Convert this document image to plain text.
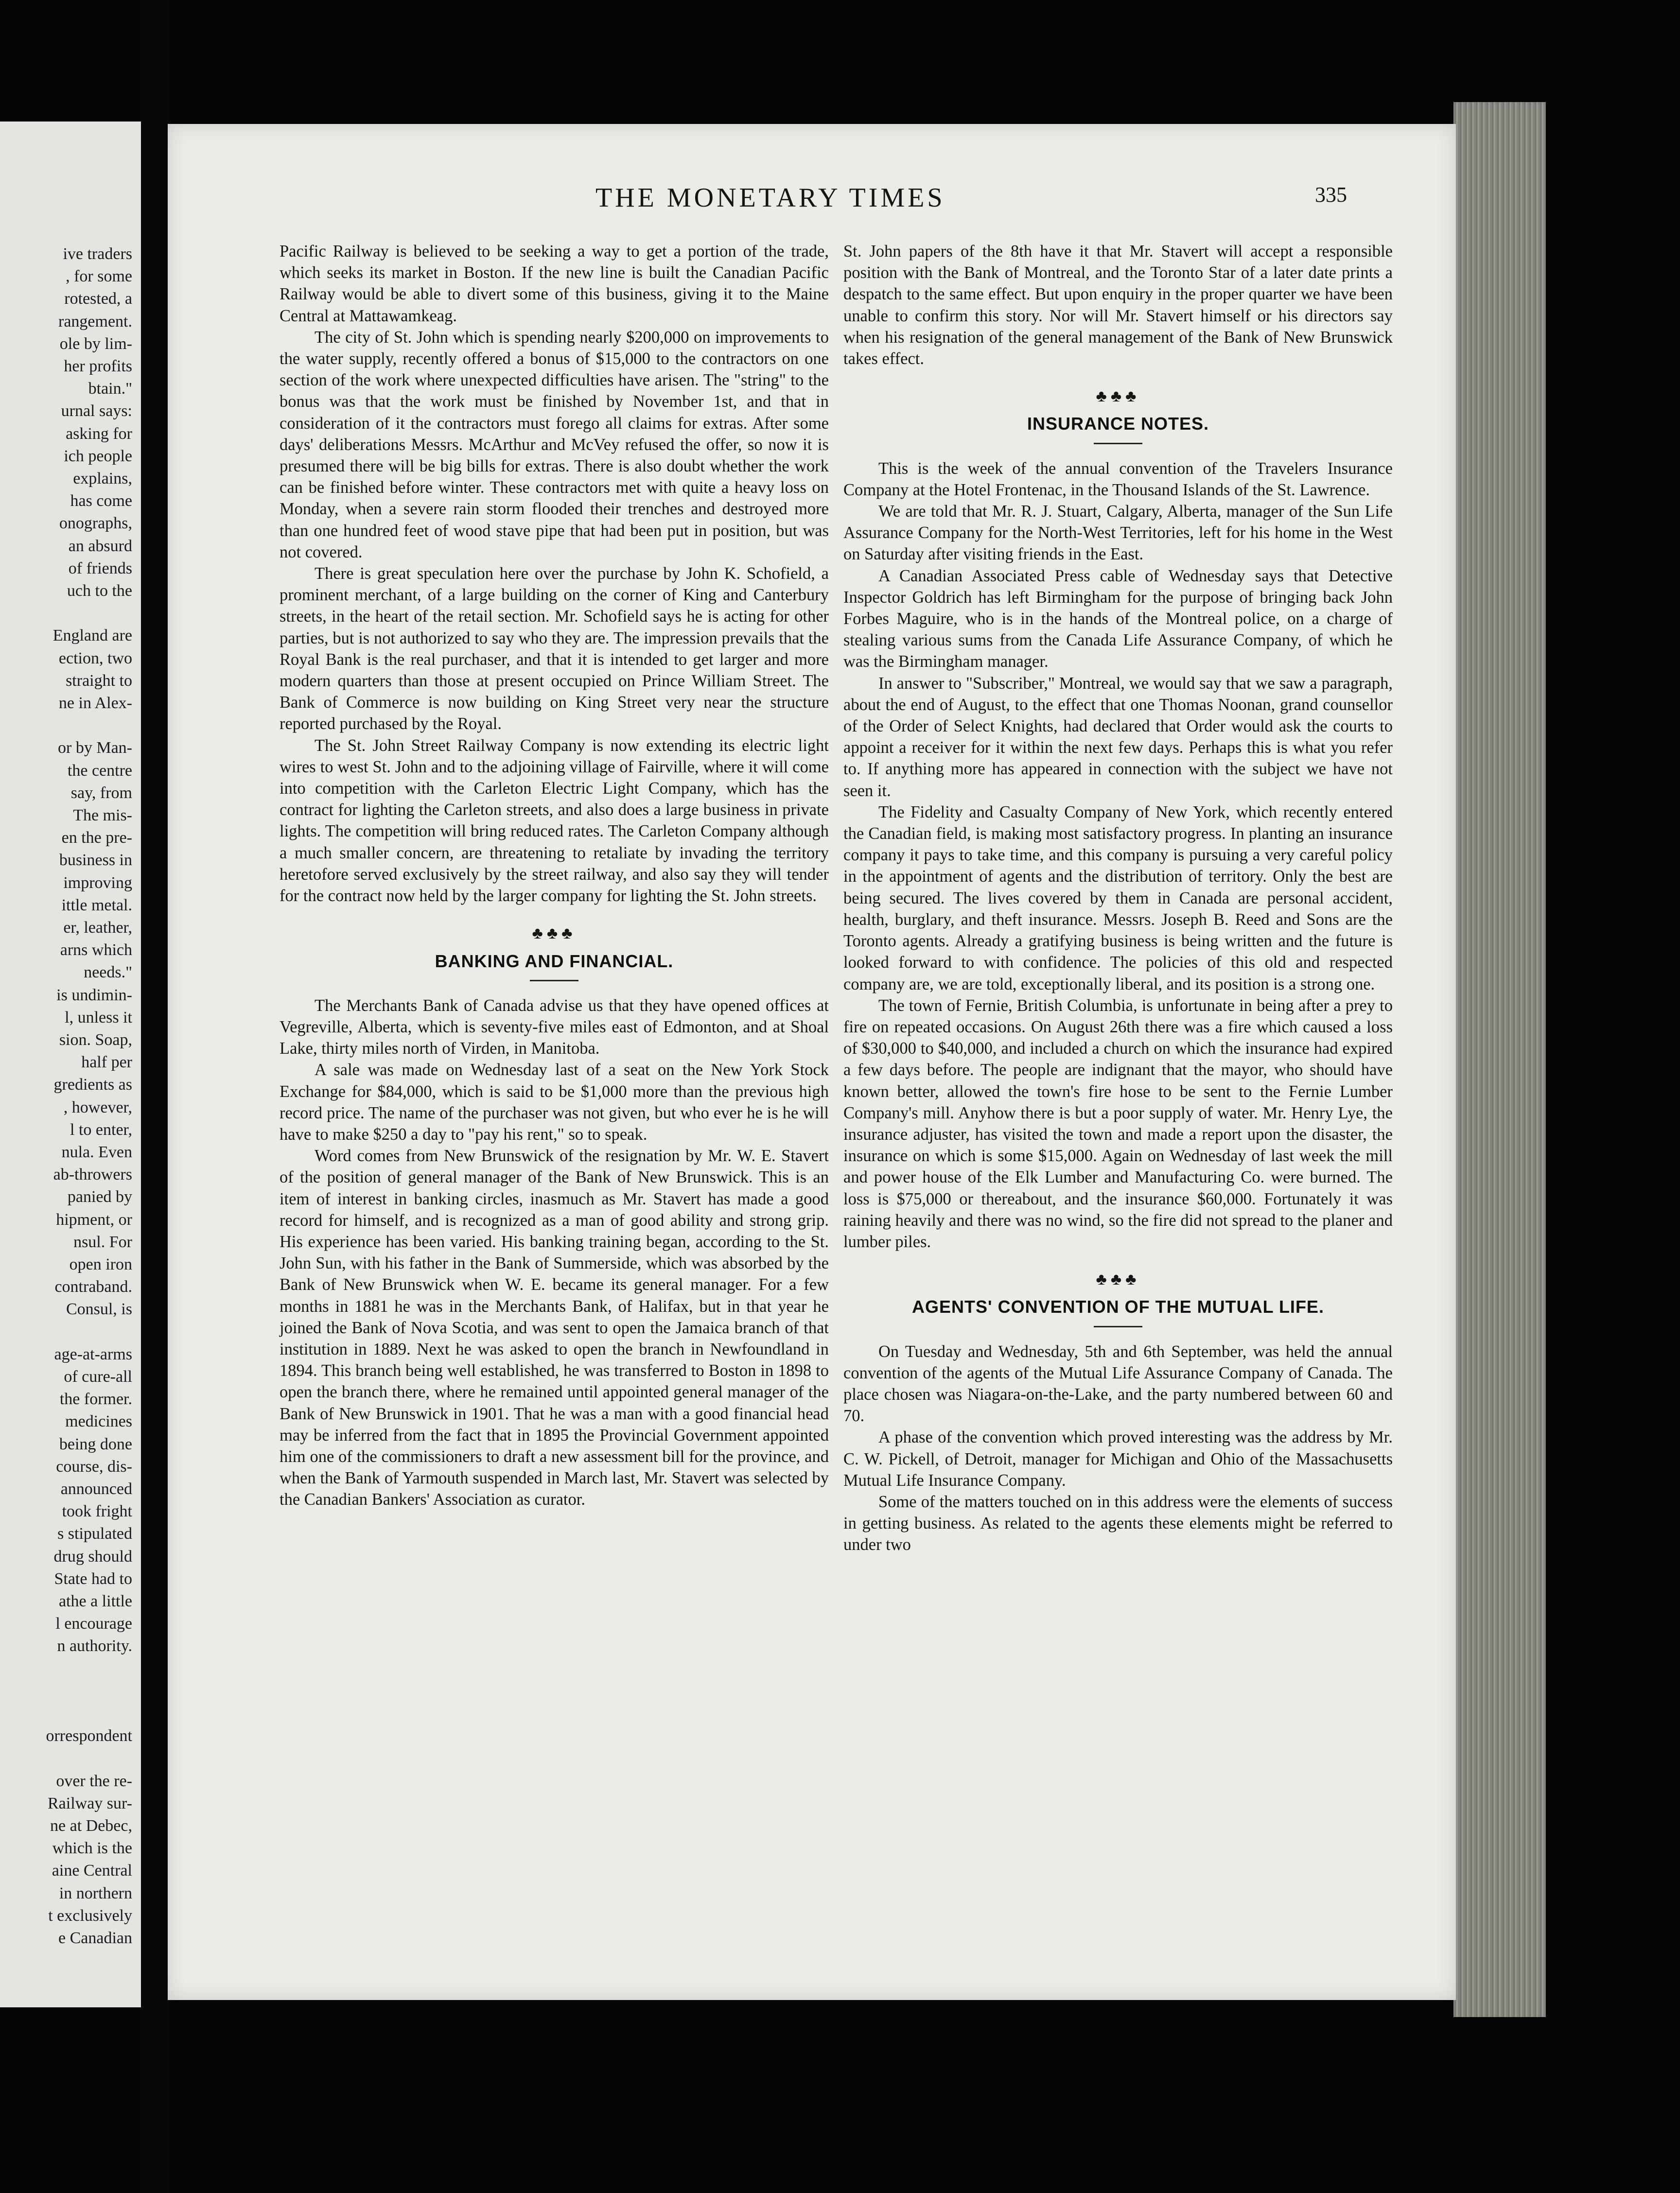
ive traders
, for some
rotested, a
rangement.
ole by lim-
her profits
btain."
urnal says:
asking for
ich people
explains,
has come
onographs,
an absurd
of friends
uch to the
England are
ection, two
straight to
ne in Alex-
or by Man-
the centre
say, from
The mis-
en the pre-
business in
improving
ittle metal.
er, leather,
arns which
needs."
is undimin-
l, unless it
sion. Soap,
half per
gredients as
, however,
l to enter,
nula. Even
ab-throwers
panied by
hipment, or
nsul. For
open iron
contraband.
Consul, is
age-at-arms
of cure-all
the former.
medicines
being done
course, dis-
announced
took fright
s stipulated
drug should
State had to
athe a little
l encourage
n authority.
orrespondent
over the re-
Railway sur-
ne at Debec,
which is the
aine Central
in northern
t exclusively
e Canadian
THE MONETARY TIMES	335

Pacific Railway is believed to be seeking a way to get a portion of the trade, which seeks its market in Boston. If the new line is built the Canadian Pacific Railway would be able to divert some of this business, giving it to the Maine Central at Mattawamkeag.

The city of St. John which is spending nearly $200,000 on improvements to the water supply, recently offered a bonus of $15,000 to the contractors on one section of the work where unexpected difficulties have arisen. The "string" to the bonus was that the work must be finished by November 1st, and that in consideration of it the contractors must forego all claims for extras. After some days' deliberations Messrs. McArthur and McVey refused the offer, so now it is presumed there will be big bills for extras. There is also doubt whether the work can be finished before winter. These contractors met with quite a heavy loss on Monday, when a severe rain storm flooded their trenches and destroyed more than one hundred feet of wood stave pipe that had been put in position, but was not covered.

There is great speculation here over the purchase by John K. Schofield, a prominent merchant, of a large building on the corner of King and Canterbury streets, in the heart of the retail section. Mr. Schofield says he is acting for other parties, but is not authorized to say who they are. The impression prevails that the Royal Bank is the real purchaser, and that it is intended to get larger and more modern quarters than those at present occupied on Prince William Street. The Bank of Commerce is now building on King Street very near the structure reported purchased by the Royal.

The St. John Street Railway Company is now extending its electric light wires to west St. John and to the adjoining village of Fairville, where it will come into competition with the Carleton Electric Light Company, which has the contract for lighting the Carleton streets, and also does a large business in private lights. The competition will bring reduced rates. The Carleton Company although a much smaller concern, are threatening to retaliate by invading the territory heretofore served exclusively by the street railway, and also say they will tender for the contract now held by the larger company for lighting the St. John streets.

♣♣♣
BANKING AND FINANCIAL.

The Merchants Bank of Canada advise us that they have opened offices at Vegreville, Alberta, which is seventy-five miles east of Edmonton, and at Shoal Lake, thirty miles north of Virden, in Manitoba.

A sale was made on Wednesday last of a seat on the New York Stock Exchange for $84,000, which is said to be $1,000 more than the previous high record price. The name of the purchaser was not given, but who ever he is he will have to make $250 a day to "pay his rent," so to speak.

Word comes from New Brunswick of the resignation by Mr. W. E. Stavert of the position of general manager of the Bank of New Brunswick. This is an item of interest in banking circles, inasmuch as Mr. Stavert has made a good record for himself, and is recognized as a man of good ability and strong grip. His experience has been varied. His banking training began, according to the St. John Sun, with his father in the Bank of Summerside, which was absorbed by the Bank of New Brunswick when W. E. became its general manager. For a few months in 1881 he was in the Merchants Bank, of Halifax, but in that year he joined the Bank of Nova Scotia, and was sent to open the Jamaica branch of that institution in 1889. Next he was asked to open the branch in Newfoundland in 1894. This branch being well established, he was transferred to Boston in 1898 to open the branch there, where he remained until appointed general manager of the Bank of New Brunswick in 1901. That he was a man with a good financial head may be inferred from the fact that in 1895 the Provincial Government appointed him one of the commissioners to draft a new assessment bill for the province, and when the Bank of Yarmouth suspended in March last, Mr. Stavert was selected by the Canadian Bankers' Association as curator.

St. John papers of the 8th have it that Mr. Stavert will accept a responsible position with the Bank of Montreal, and the Toronto Star of a later date prints a despatch to the same effect. But upon enquiry in the proper quarter we have been unable to confirm this story. Nor will Mr. Stavert himself or his directors say when his resignation of the general management of the Bank of New Brunswick takes effect.

♣♣♣
INSURANCE NOTES.

This is the week of the annual convention of the Travelers Insurance Company at the Hotel Frontenac, in the Thousand Islands of the St. Lawrence.

We are told that Mr. R. J. Stuart, Calgary, Alberta, manager of the Sun Life Assurance Company for the North-West Territories, left for his home in the West on Saturday after visiting friends in the East.

A Canadian Associated Press cable of Wednesday says that Detective Inspector Goldrich has left Birmingham for the purpose of bringing back John Forbes Maguire, who is in the hands of the Montreal police, on a charge of stealing various sums from the Canada Life Assurance Company, of which he was the Birmingham manager.

In answer to "Subscriber," Montreal, we would say that we saw a paragraph, about the end of August, to the effect that one Thomas Noonan, grand counsellor of the Order of Select Knights, had declared that Order would ask the courts to appoint a receiver for it within the next few days. Perhaps this is what you refer to. If anything more has appeared in connection with the subject we have not seen it.

The Fidelity and Casualty Company of New York, which recently entered the Canadian field, is making most satisfactory progress. In planting an insurance company it pays to take time, and this company is pursuing a very careful policy in the appointment of agents and the distribution of territory. Only the best are being secured. The lives covered by them in Canada are personal accident, health, burglary, and theft insurance. Messrs. Joseph B. Reed and Sons are the Toronto agents. Already a gratifying business is being written and the future is looked forward to with confidence. The policies of this old and respected company are, we are told, exceptionally liberal, and its position is a strong one.

The town of Fernie, British Columbia, is unfortunate in being after a prey to fire on repeated occasions. On August 26th there was a fire which caused a loss of $30,000 to $40,000, and included a church on which the insurance had expired a few days before. The people are indignant that the mayor, who should have known better, allowed the town's fire hose to be sent to the Fernie Lumber Company's mill. Anyhow there is but a poor supply of water. Mr. Henry Lye, the insurance adjuster, has visited the town and made a report upon the disaster, the insurance on which is some $15,000. Again on Wednesday of last week the mill and power house of the Elk Lumber and Manufacturing Co. were burned. The loss is $75,000 or thereabout, and the insurance $60,000. Fortunately it was raining heavily and there was no wind, so the fire did not spread to the planer and lumber piles.

♣♣♣
AGENTS' CONVENTION OF THE MUTUAL LIFE.

On Tuesday and Wednesday, 5th and 6th September, was held the annual convention of the agents of the Mutual Life Assurance Company of Canada. The place chosen was Niagara-on-the-Lake, and the party numbered between 60 and 70.

A phase of the convention which proved interesting was the address by Mr. C. W. Pickell, of Detroit, manager for Michigan and Ohio of the Massachusetts Mutual Life Insurance Company.

Some of the matters touched on in this address were the elements of success in getting business. As related to the agents these elements might be referred to under two
